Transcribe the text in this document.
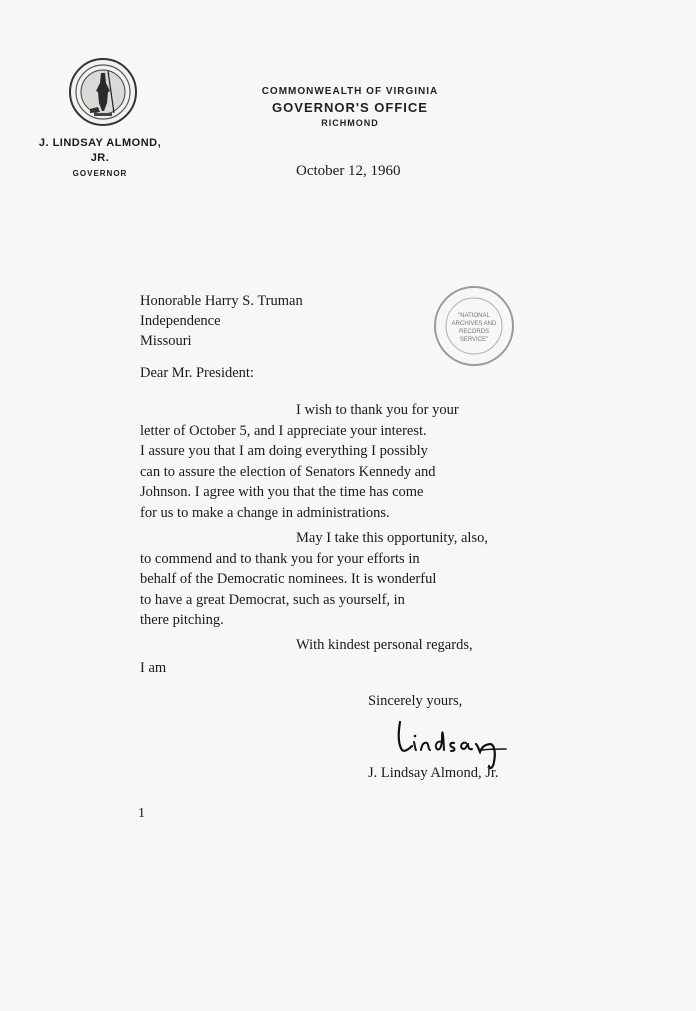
J. LINDSAY ALMOND, JR.
GOVERNOR
COMMONWEALTH OF VIRGINIA
GOVERNOR'S OFFICE
RICHMOND
October 12, 1960
Honorable Harry S. Truman
Independence
Missouri
"NATIONAL
ARCHIVES AND
RECORDS
SERVICE"
Dear Mr. President:
I wish to thank you for your
letter of October 5, and I appreciate your interest.
I assure you that I am doing everything I possibly
can to assure the election of Senators Kennedy and
Johnson. I agree with you that the time has come
for us to make a change in administrations.
May I take this opportunity, also,
to commend and to thank you for your efforts in
behalf of the Democratic nominees. It is wonderful
to have a great Democrat, such as yourself, in
there pitching.
With kindest personal regards,
I am
Sincerely yours,
J. Lindsay Almond, Jr.
1
